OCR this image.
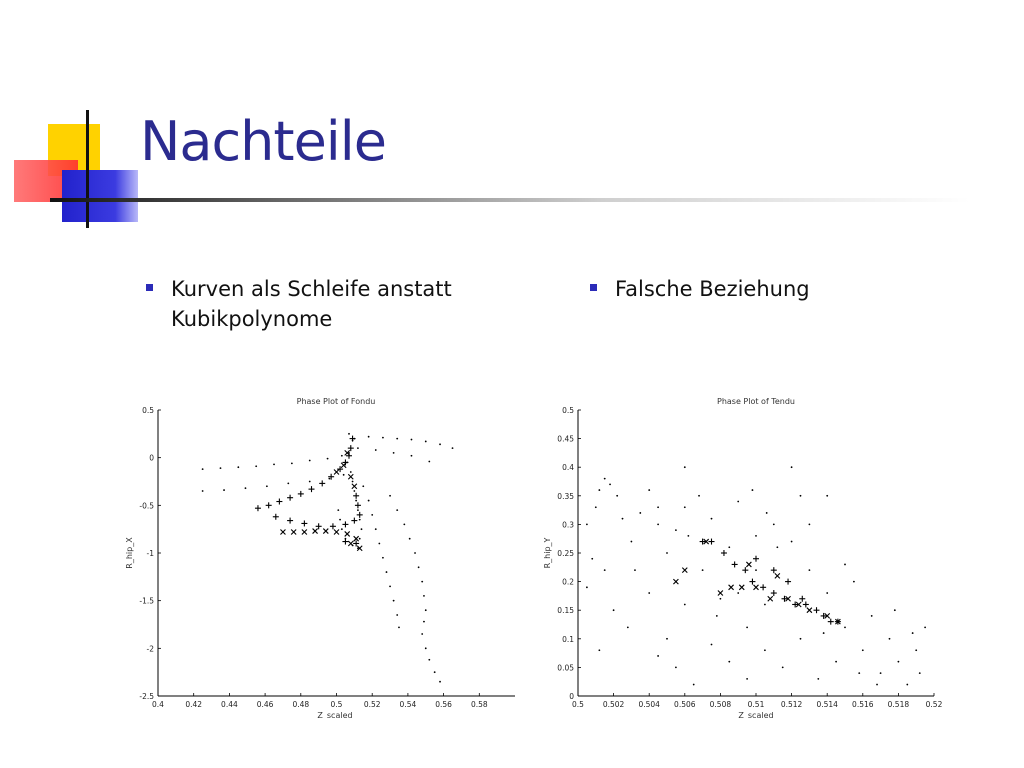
Nachteile
Kurven als Schleife anstatt Kubikpolynome
Falsche Beziehung
Phase Plot of Fondu
Z_scaled
R_hip_X
0.4	0.42	0.44	0.46	0.48	0.5	0.52	0.54	0.56	0.58
0.5
0
-0.5
-1
-1.5
-2
-2.5
Phase Plot of Tendu
Z_scaled
R_hip_Y
0.5	0.502 0.504 0.506 0.508 0.51 0.512 0.514 0.516 0.518 0.52
0.5
0.45
0.4
0.35
0.3
0.25
0.2
0.15
0.1
0.05
0
